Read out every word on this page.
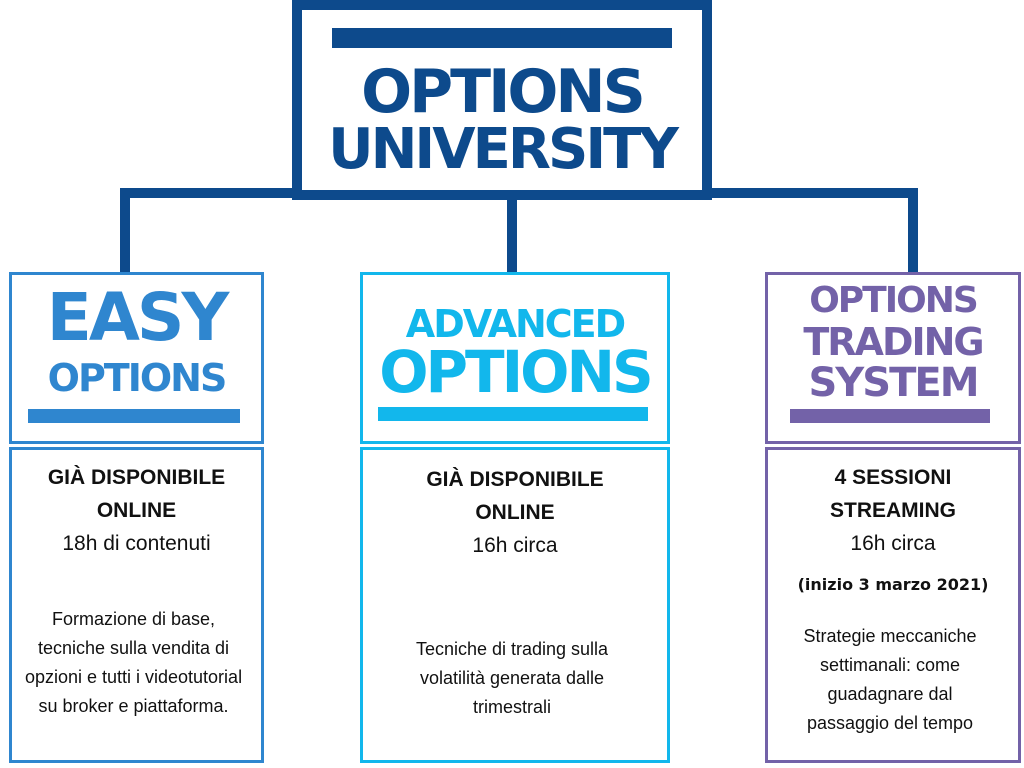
OPTIONS
UNIVERSITY
EASY
OPTIONS
ADVANCED
OPTIONS
OPTIONS
TRADING
SYSTEM
GIÀ DISPONIBILE
ONLINE
18h di contenuti
Formazione di base, tecniche sulla vendita di opzioni e tutti i videotutorial su broker e piattaforma.
GIÀ DISPONIBILE
ONLINE
16h circa
Tecniche di trading sulla volatilità generata dalle trimestrali
4 SESSIONI
STREAMING
16h circa
(inizio 3 marzo 2021)
Strategie meccaniche settimanali: come guadagnare dal passaggio del tempo
